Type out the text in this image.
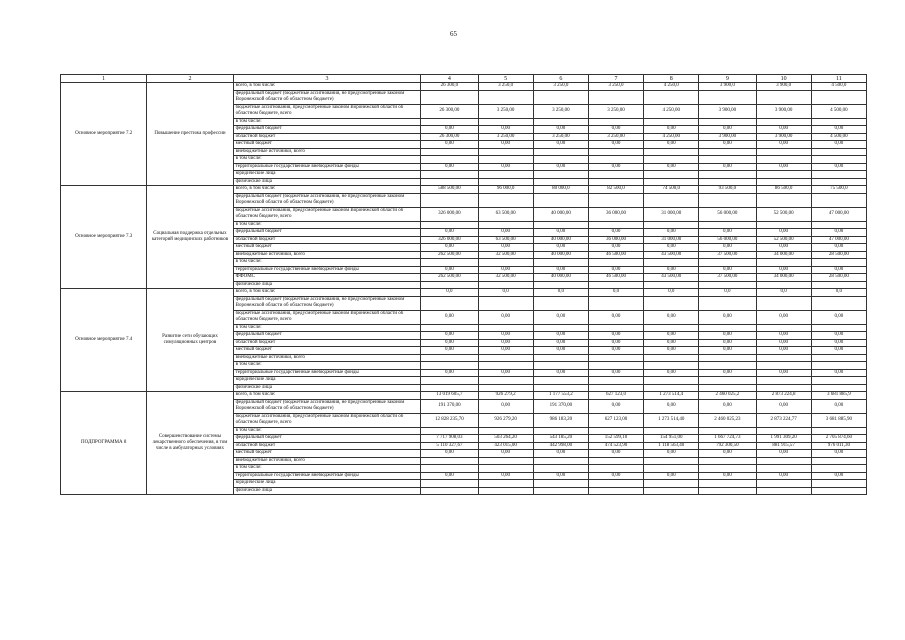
65
1	2	3	4	5	6	7	8	9	10	11
Основное мероприятие 7.2	Повышение престижа профессии	всего, в том числе:	26 300,0	3 250,0	3 250,0	3 250,0	4 250,0	3 900,0	3 900,0	4 500,0
		федеральный бюджет (бюджетные ассигнования, не предусмотренные законом Воронежской области об областном бюджете)								
		бюджетные ассигнования, предусмотренные законом Воронежской области об областном бюджете, всего	26 300,00	3 250,00	3 250,00	3 250,00	4 250,00	3 900,00	3 900,00	4 500,00
		в том числе:								
		федеральный бюджет	0,00	0,00	0,00	0,00	0,00	0,00	0,00	0,00
		областной бюджет	26 300,00	3 250,00	3 250,00	3 250,00	4 250,00	3 900,00	3 900,00	4 500,00
		местный бюджет	0,00	0,00	0,00	0,00	0,00	0,00	0,00	0,00
		внебюджетные источники, всего								
		в том числе:								
		территориальные государственные внебюджетные фонды	0,00	0,00	0,00	0,00	0,00	0,00	0,00	0,00
		юридические лица								
		физические лица								
Основное мероприятие 7.3	Социальная поддержка отдельных категорий медицинских работников	всего, в том числе:	588 500,00	96 000,0	80 000,0	82 500,0	74 500,0	93 500,0	86 500,0	75 500,0
		федеральный бюджет (бюджетные ассигнования, не предусмотренные законом Воронежской области об областном бюджете)								
		бюджетные ассигнования, предусмотренные законом Воронежской области об областном бюджете, всего	326 000,00	63 500,00	40 000,00	36 000,00	31 000,00	56 000,00	52 500,00	47 000,00
		в том числе:								
		федеральный бюджет	0,00	0,00	0,00	0,00	0,00	0,00	0,00	0,00
		областной бюджет	326 000,00	63 500,00	40 000,00	36 000,00	31 000,00	56 000,00	52 500,00	47 000,00
		местный бюджет	0,00	0,00	0,00	0,00	0,00	0,00	0,00	0,00
		внебюджетные источники, всего	262 500,00	32 500,00	40 000,00	46 500,00	43 500,00	37 500,00	34 000,00	28 500,00
		в том числе:								
		территориальные государственные внебюджетные фонды	0,00	0,00	0,00	0,00	0,00	0,00	0,00	0,00
		ФФОМС	262 500,00	32 500,00	40 000,00	46 500,00	43 500,00	37 500,00	34 000,00	28 500,00
		физические лица								
Основное мероприятие 7.4	Развитие сети обучающих симуляционных центров	всего, в том числе:	0,0	0,0	0,0	0,0	0,0	0,0	0,0	0,0
		федеральный бюджет (бюджетные ассигнования, не предусмотренные законом Воронежской области об областном бюджете)								
		бюджетные ассигнования, предусмотренные законом Воронежской области об областном бюджете, всего	0,00	0,00	0,00	0,00	0,00	0,00	0,00	0,00
		в том числе:								
		федеральный бюджет	0,00	0,00	0,00	0,00	0,00	0,00	0,00	0,00
		областной бюджет	0,00	0,00	0,00	0,00	0,00	0,00	0,00	0,00
		местный бюджет	0,00	0,00	0,00	0,00	0,00	0,00	0,00	0,00
		внебюджетные источники, всего								
		в том числе:								
		территориальные государственные внебюджетные фонды	0,00	0,00	0,00	0,00	0,00	0,00	0,00	0,00
		юридические лица								
		физические лица								
ПОДПРОГРАММА 8	Совершенствование системы лекарственного обеспечения, в том числе в амбулаторных условиях	всего, в том числе:	13 019 605,7	926 279,2	1 177 553,2	627 123,0	1 273 514,4	2 460 025,2	2 873 224,8	3 681 885,9
		федеральный бюджет (бюджетные ассигнования, не предусмотренные законом Воронежской области об областном бюджете)	191 370,00	0,00	191 370,00	0,00	0,00	0,00	0,00	0,00
		бюджетные ассигнования, предусмотренные законом Воронежской области об областном бюджете, всего	12 828 235,70	926 279,20	986 183,20	627 123,00	1 273 514,40	2 460 025,23	2 873 224,77	3 681 885,90
		в том числе:								
		федеральный бюджет	7 717 908,03	503 264,20	543 185,20	152 599,10	154 951,00	1 667 724,73	1 991 309,20	2 705 874,60
		областной бюджет	5 110 327,67	423 015,00	442 998,00	474 523,90	1 118 563,40	792 300,50	881 915,57	976 011,30
		местный бюджет	0,00	0,00	0,00	0,00	0,00	0,00	0,00	0,00
		внебюджетные источники, всего								
		в том числе:								
		территориальные государственные внебюджетные фонды	0,00	0,00	0,00	0,00	0,00	0,00	0,00	0,00
		юридические лица								
		физические лица								
